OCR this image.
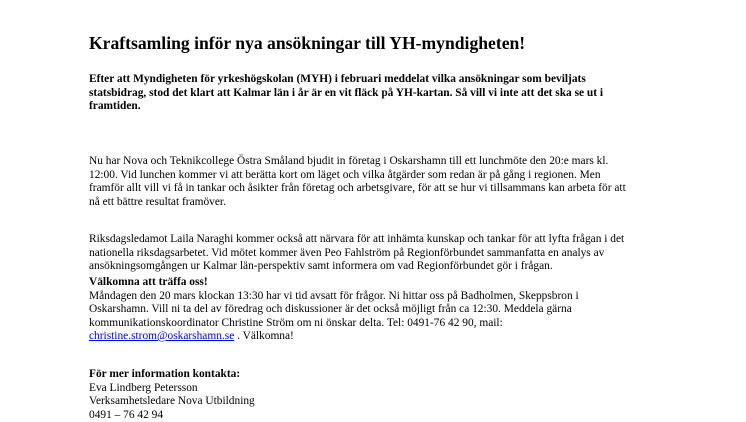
Kraftsamling inför nya ansökningar till YH-myndigheten!

Efter att Myndigheten för yrkeshögskolan (MYH) i februari meddelat vilka ansökningar som beviljats statsbidrag, stod det klart att Kalmar län i år är en vit fläck på YH-kartan. Så vill vi inte att det ska se ut i framtiden.

Nu har Nova och Teknikcollege Östra Småland bjudit in företag i Oskarshamn till ett lunchmöte den 20:e mars kl. 12:00. Vid lunchen kommer vi att berätta kort om läget och vilka åtgärder som redan är på gång i regionen. Men framför allt vill vi få in tankar och åsikter från företag och arbetsgivare, för att se hur vi tillsammans kan arbeta för att nå ett bättre resultat framöver.

Riksdagsledamot Laila Naraghi kommer också att närvara för att inhämta kunskap och tankar för att lyfta frågan i det nationella riksdagsarbetet. Vid mötet kommer även Peo Fahlström på Regionförbundet sammanfatta en analys av ansökningsomgången ur Kalmar län-perspektiv samt informera om vad Regionförbundet gör i frågan.

Välkomna att träffa oss!
Måndagen den 20 mars klockan 13:30 har vi tid avsatt för frågor. Ni hittar oss på Badholmen, Skeppsbron i Oskarshamn. Vill ni ta del av föredrag och diskussioner är det också möjligt från ca 12:30. Meddela gärna kommunikationskoordinator Christine Ström om ni önskar delta. Tel: 0491-76 42 90, mail: christine.strom@oskarshamn.se . Välkomna!
För mer information kontakta:
Eva Lindberg Petersson
Verksamhetsledare Nova Utbildning
0491 – 76 42 94
